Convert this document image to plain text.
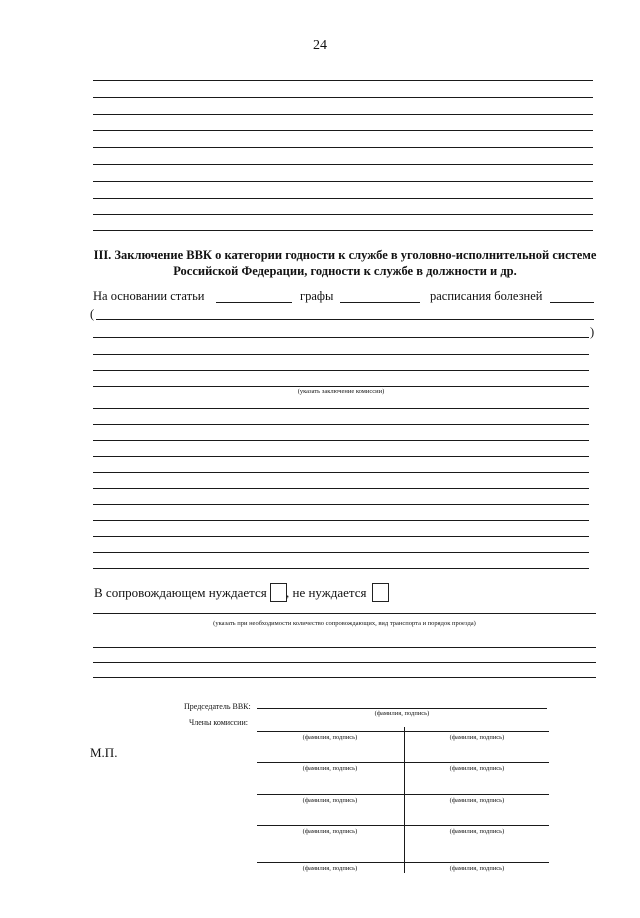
24
III. Заключение ВВК о категории годности к службе в уголовно-исполнительной системе
Российской Федерации, годности к службе в должности и др.
На основании статьи	графы	расписания болезней
(
)
(указать заключение комиссии)
В сопровождающем нуждается , не нуждается
(указать при необходимости количество сопровождающих, вид транспорта и порядок проезда)
Председатель ВВК:
(фамилия, подпись)
Члены комиссии:
М.П.
(фамилия, подпись)	(фамилия, подпись)
(фамилия, подпись)	(фамилия, подпись)
(фамилия, подпись)	(фамилия, подпись)
(фамилия, подпись)	(фамилия, подпись)
(фамилия, подпись)	(фамилия, подпись)
